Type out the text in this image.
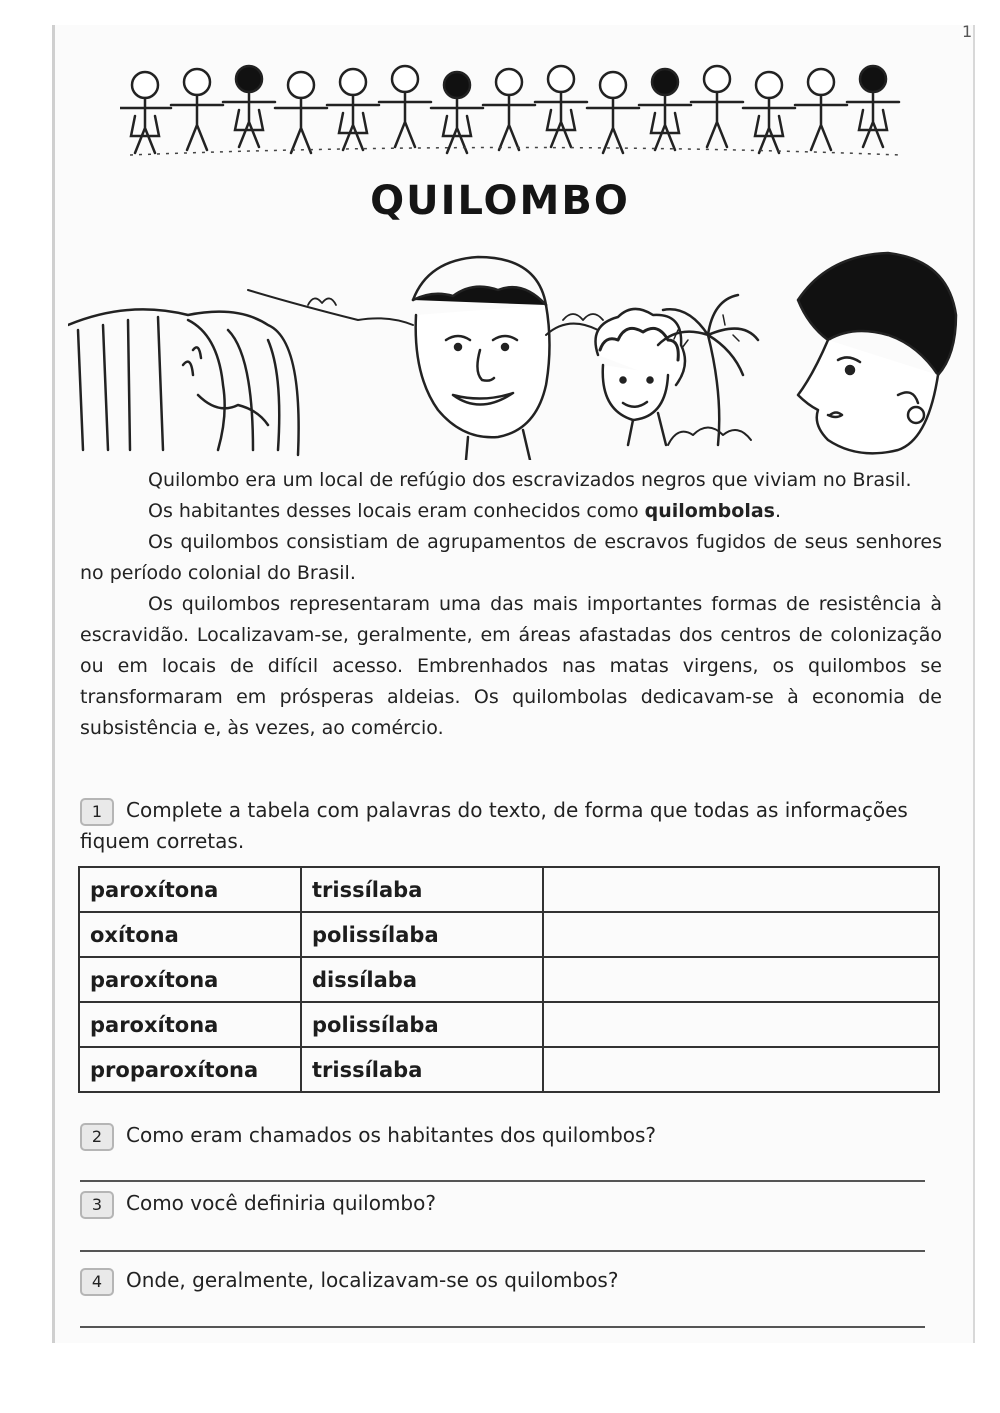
1
QUILOMBO

Quilombo era um local de refúgio dos escravizados negros que viviam no Brasil.

Os habitantes desses locais eram conhecidos como quilombolas.

Os quilombos consistiam de agrupamentos de escravos fugidos de seus senhores no período colonial do Brasil.

Os quilombos representaram uma das mais importantes formas de resistência à escravidão. Localizavam-se, geralmente, em áreas afastadas dos centros de colonização ou em locais de difícil acesso. Embrenhados nas matas virgens, os quilombos se transformaram em prósperas aldeias. Os quilombolas dedicavam-se à economia de subsistência e, às vezes, ao comércio.

1 Complete a tabela com palavras do texto, de forma que todas as informações fiquem corretas.
paroxítona	trissílaba	
oxítona	polissílaba	
paroxítona	dissílaba	
paroxítona	polissílaba	
proparoxítona	trissílaba	
2 Como eram chamados os habitantes dos quilombos?
3 Como você definiria quilombo?
4 Onde, geralmente, localizavam-se os quilombos?
